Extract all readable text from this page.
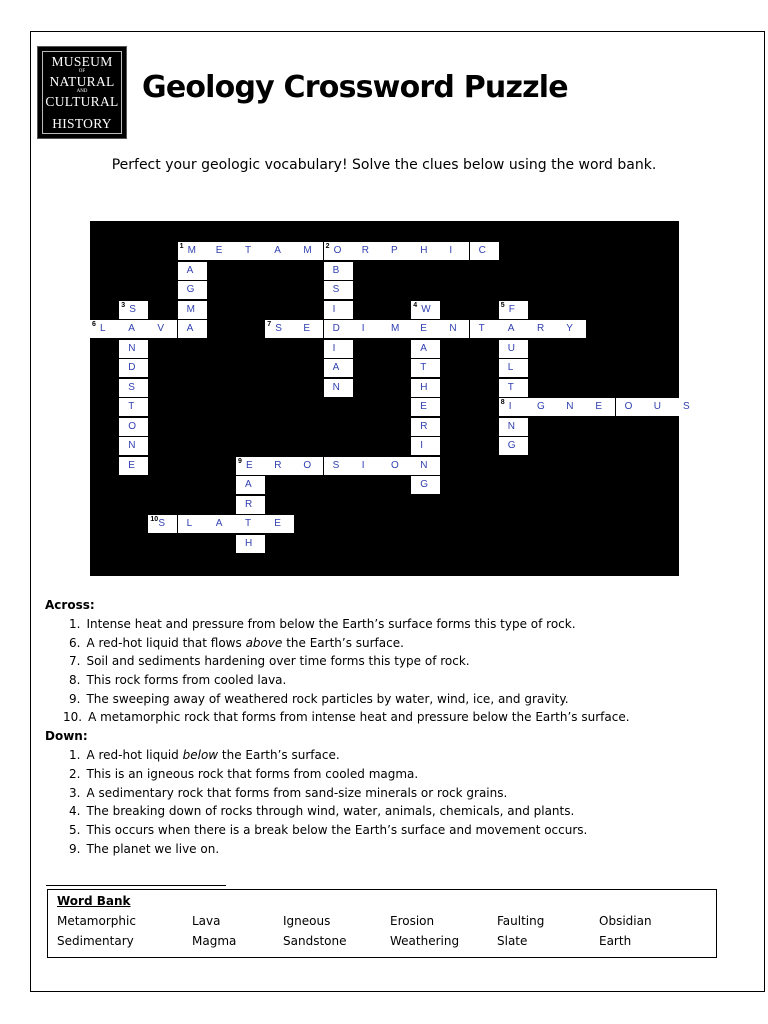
MUSEUM
OF
NATURAL
AND
CULTURAL
HISTORY
Geology Crossword Puzzle
Perfect your geologic vocabulary! Solve the clues below using the word bank.
M
1	E T A M O
2	R P H I	C
A
G
M
A
B
S
I
D
I
A
N
S
3
A
N
D
S
T
O
N
E
W
4
E
A
T
H
E
R
I
N
G
F
5
A
U
L
T
I
8
N
G
L
6	V	S
7	E	I	M	N T	R Y
G N E O U S
E
9	R O S I	O
A
R
T
H
S
10	L A	E
Across:
1. Intense heat and pressure from below the Earth’s surface forms this type of rock.
6. A red-hot liquid that flows above the Earth’s surface.
7. Soil and sediments hardening over time forms this type of rock.
8. This rock forms from cooled lava.
9. The sweeping away of weathered rock particles by water, wind, ice, and gravity.
10. A metamorphic rock that forms from intense heat and pressure below the Earth’s surface.
Down:
1. A red-hot liquid below the Earth’s surface.
2. This is an igneous rock that forms from cooled magma.
3. A sedimentary rock that forms from sand-size minerals or rock grains.
4. The breaking down of rocks through wind, water, animals, chemicals, and plants.
5. This occurs when there is a break below the Earth’s surface and movement occurs.
9. The planet we live on.
Word Bank
Metamorphic	Lava	Igneous	Erosion	Faulting	Obsidian
Sedimentary	Magma	Sandstone	Weathering	Slate	Earth
